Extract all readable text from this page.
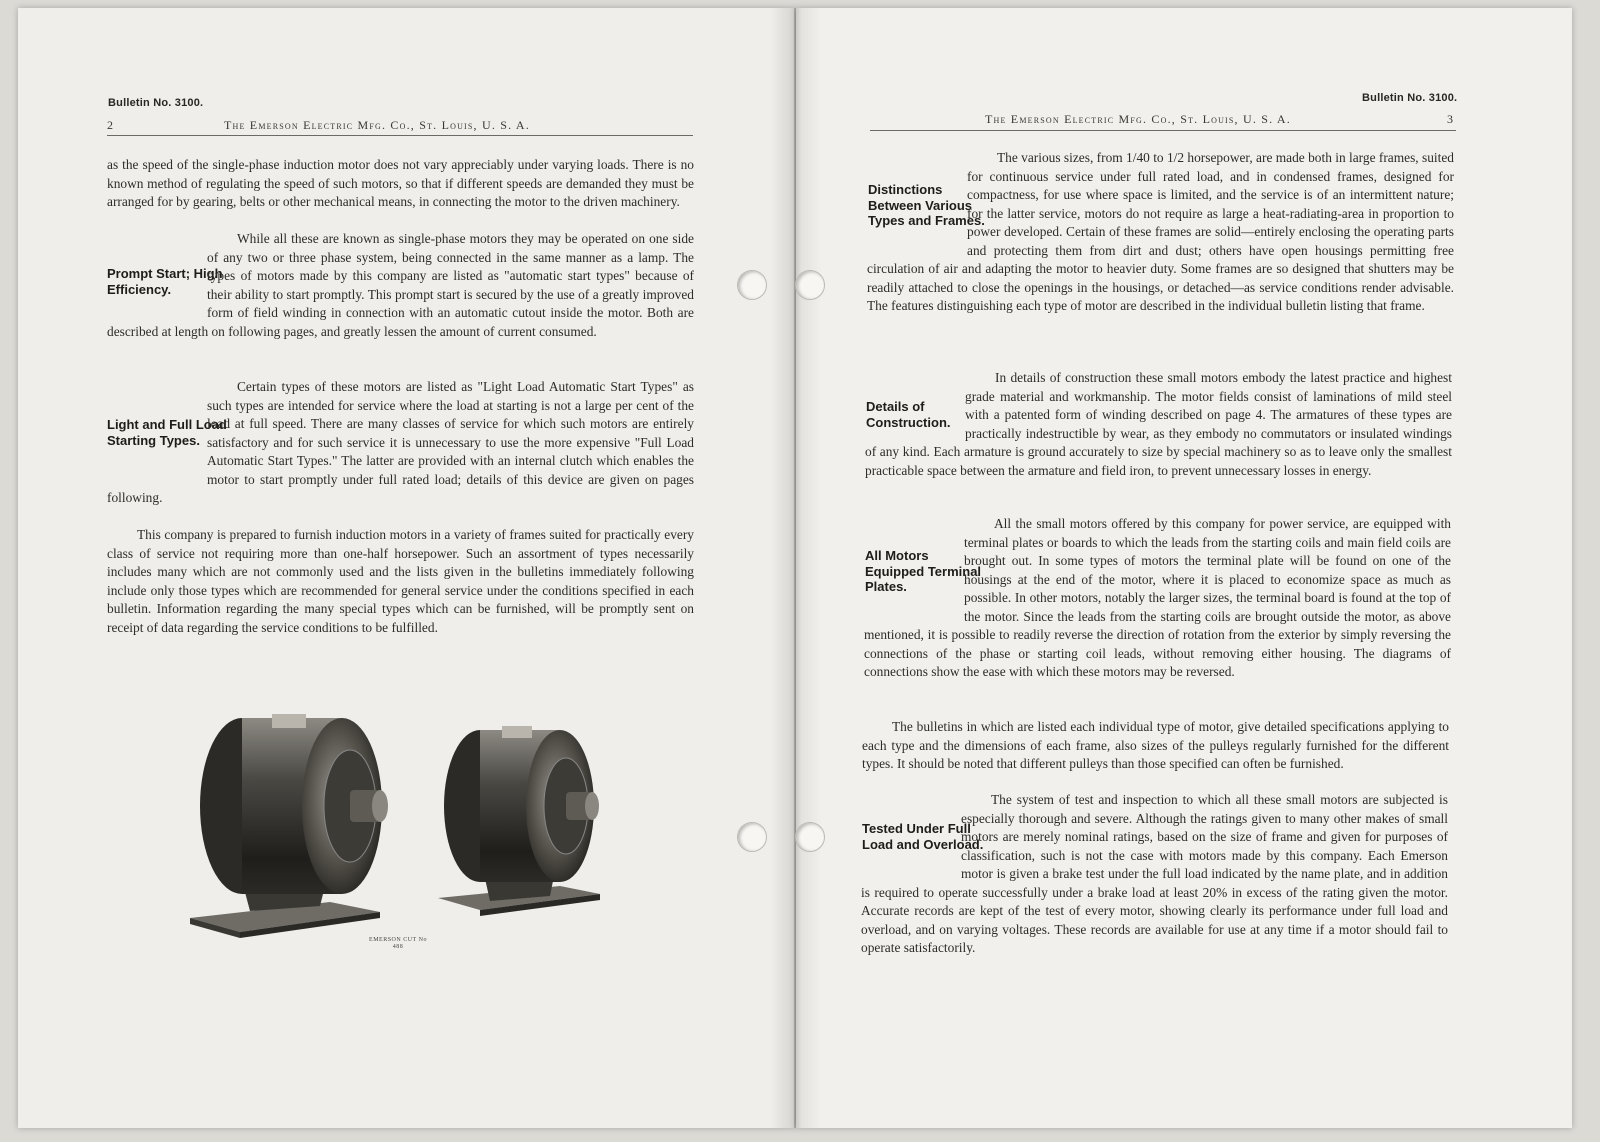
Bulletin No. 3100.
2	The Emerson Electric Mfg. Co., St. Louis, U. S. A.
as the speed of the single-phase induction motor does not vary appreciably under varying loads. There is no known method of regulating the speed of such motors, so that if different speeds are demanded they must be arranged for by gearing, belts or other mechanical means, in connecting the motor to the driven machinery.
Prompt Start; High Efficiency.
While all these are known as single-phase motors they may be operated on one side of any two or three phase system, being connected in the same manner as a lamp. The types of motors made by this company are listed as "automatic start types" because of their ability to start promptly. This prompt start is secured by the use of a greatly improved form of field winding in connection with an automatic cutout inside the motor. Both are described at length on following pages, and greatly lessen the amount of current consumed.
Light and Full Load Starting Types.
Certain types of these motors are listed as "Light Load Automatic Start Types" as such types are intended for service where the load at starting is not a large per cent of the load at full speed. There are many classes of service for which such motors are entirely satisfactory and for such service it is unnecessary to use the more expensive "Full Load Automatic Start Types." The latter are provided with an internal clutch which enables the motor to start promptly under full rated load; details of this device are given on pages following.
This company is prepared to furnish induction motors in a variety of frames suited for practically every class of service not requiring more than one-half horsepower. Such an assortment of types necessarily includes many which are not commonly used and the lists given in the bulletins immediately following include only those types which are recommended for general service under the conditions specified in each bulletin. Information regarding the many special types which can be furnished, will be promptly sent on receipt of data regarding the service conditions to be fulfilled.
EMERSON CUT No 488
Bulletin No. 3100.
The Emerson Electric Mfg. Co., St. Louis, U. S. A.	3
Distinctions Between Various Types and Frames.
The various sizes, from 1/40 to 1/2 horsepower, are made both in large frames, suited for continuous service under full rated load, and in condensed frames, designed for compactness, for use where space is limited, and the service is of an intermittent nature; for the latter service, motors do not require as large a heat-radiating-area in proportion to power developed. Certain of these frames are solid—entirely enclosing the operating parts and protecting them from dirt and dust; others have open housings permitting free circulation of air and adapting the motor to heavier duty. Some frames are so designed that shutters may be readily attached to close the openings in the housings, or detached—as service conditions render advisable. The features distinguishing each type of motor are described in the individual bulletin listing that frame.
Details of Construction.
In details of construction these small motors embody the latest practice and highest grade material and workmanship. The motor fields consist of laminations of mild steel with a patented form of winding described on page 4. The armatures of these types are practically indestructible by wear, as they embody no commutators or insulated windings of any kind. Each armature is ground accurately to size by special machinery so as to leave only the smallest practicable space between the armature and field iron, to prevent unnecessary losses in energy.
All Motors Equipped Terminal Plates.
All the small motors offered by this company for power service, are equipped with terminal plates or boards to which the leads from the starting coils and main field coils are brought out. In some types of motors the terminal plate will be found on one of the housings at the end of the motor, where it is placed to economize space as much as possible. In other motors, notably the larger sizes, the terminal board is found at the top of the motor. Since the leads from the starting coils are brought outside the motor, as above mentioned, it is possible to readily reverse the direction of rotation from the exterior by simply reversing the connections of the phase or starting coil leads, without removing either housing. The diagrams of connections show the ease with which these motors may be reversed.
The bulletins in which are listed each individual type of motor, give detailed specifications applying to each type and the dimensions of each frame, also sizes of the pulleys regularly furnished for the different types. It should be noted that different pulleys than those specified can often be furnished.
Tested Under Full Load and Overload.
The system of test and inspection to which all these small motors are subjected is especially thorough and severe. Although the ratings given to many other makes of small motors are merely nominal ratings, based on the size of frame and given for purposes of classification, such is not the case with motors made by this company. Each Emerson motor is given a brake test under the full load indicated by the name plate, and in addition is required to operate successfully under a brake load at least 20% in excess of the rating given the motor. Accurate records are kept of the test of every motor, showing clearly its performance under full load and overload, and on varying voltages. These records are available for use at any time if a motor should fail to operate satisfactorily.
